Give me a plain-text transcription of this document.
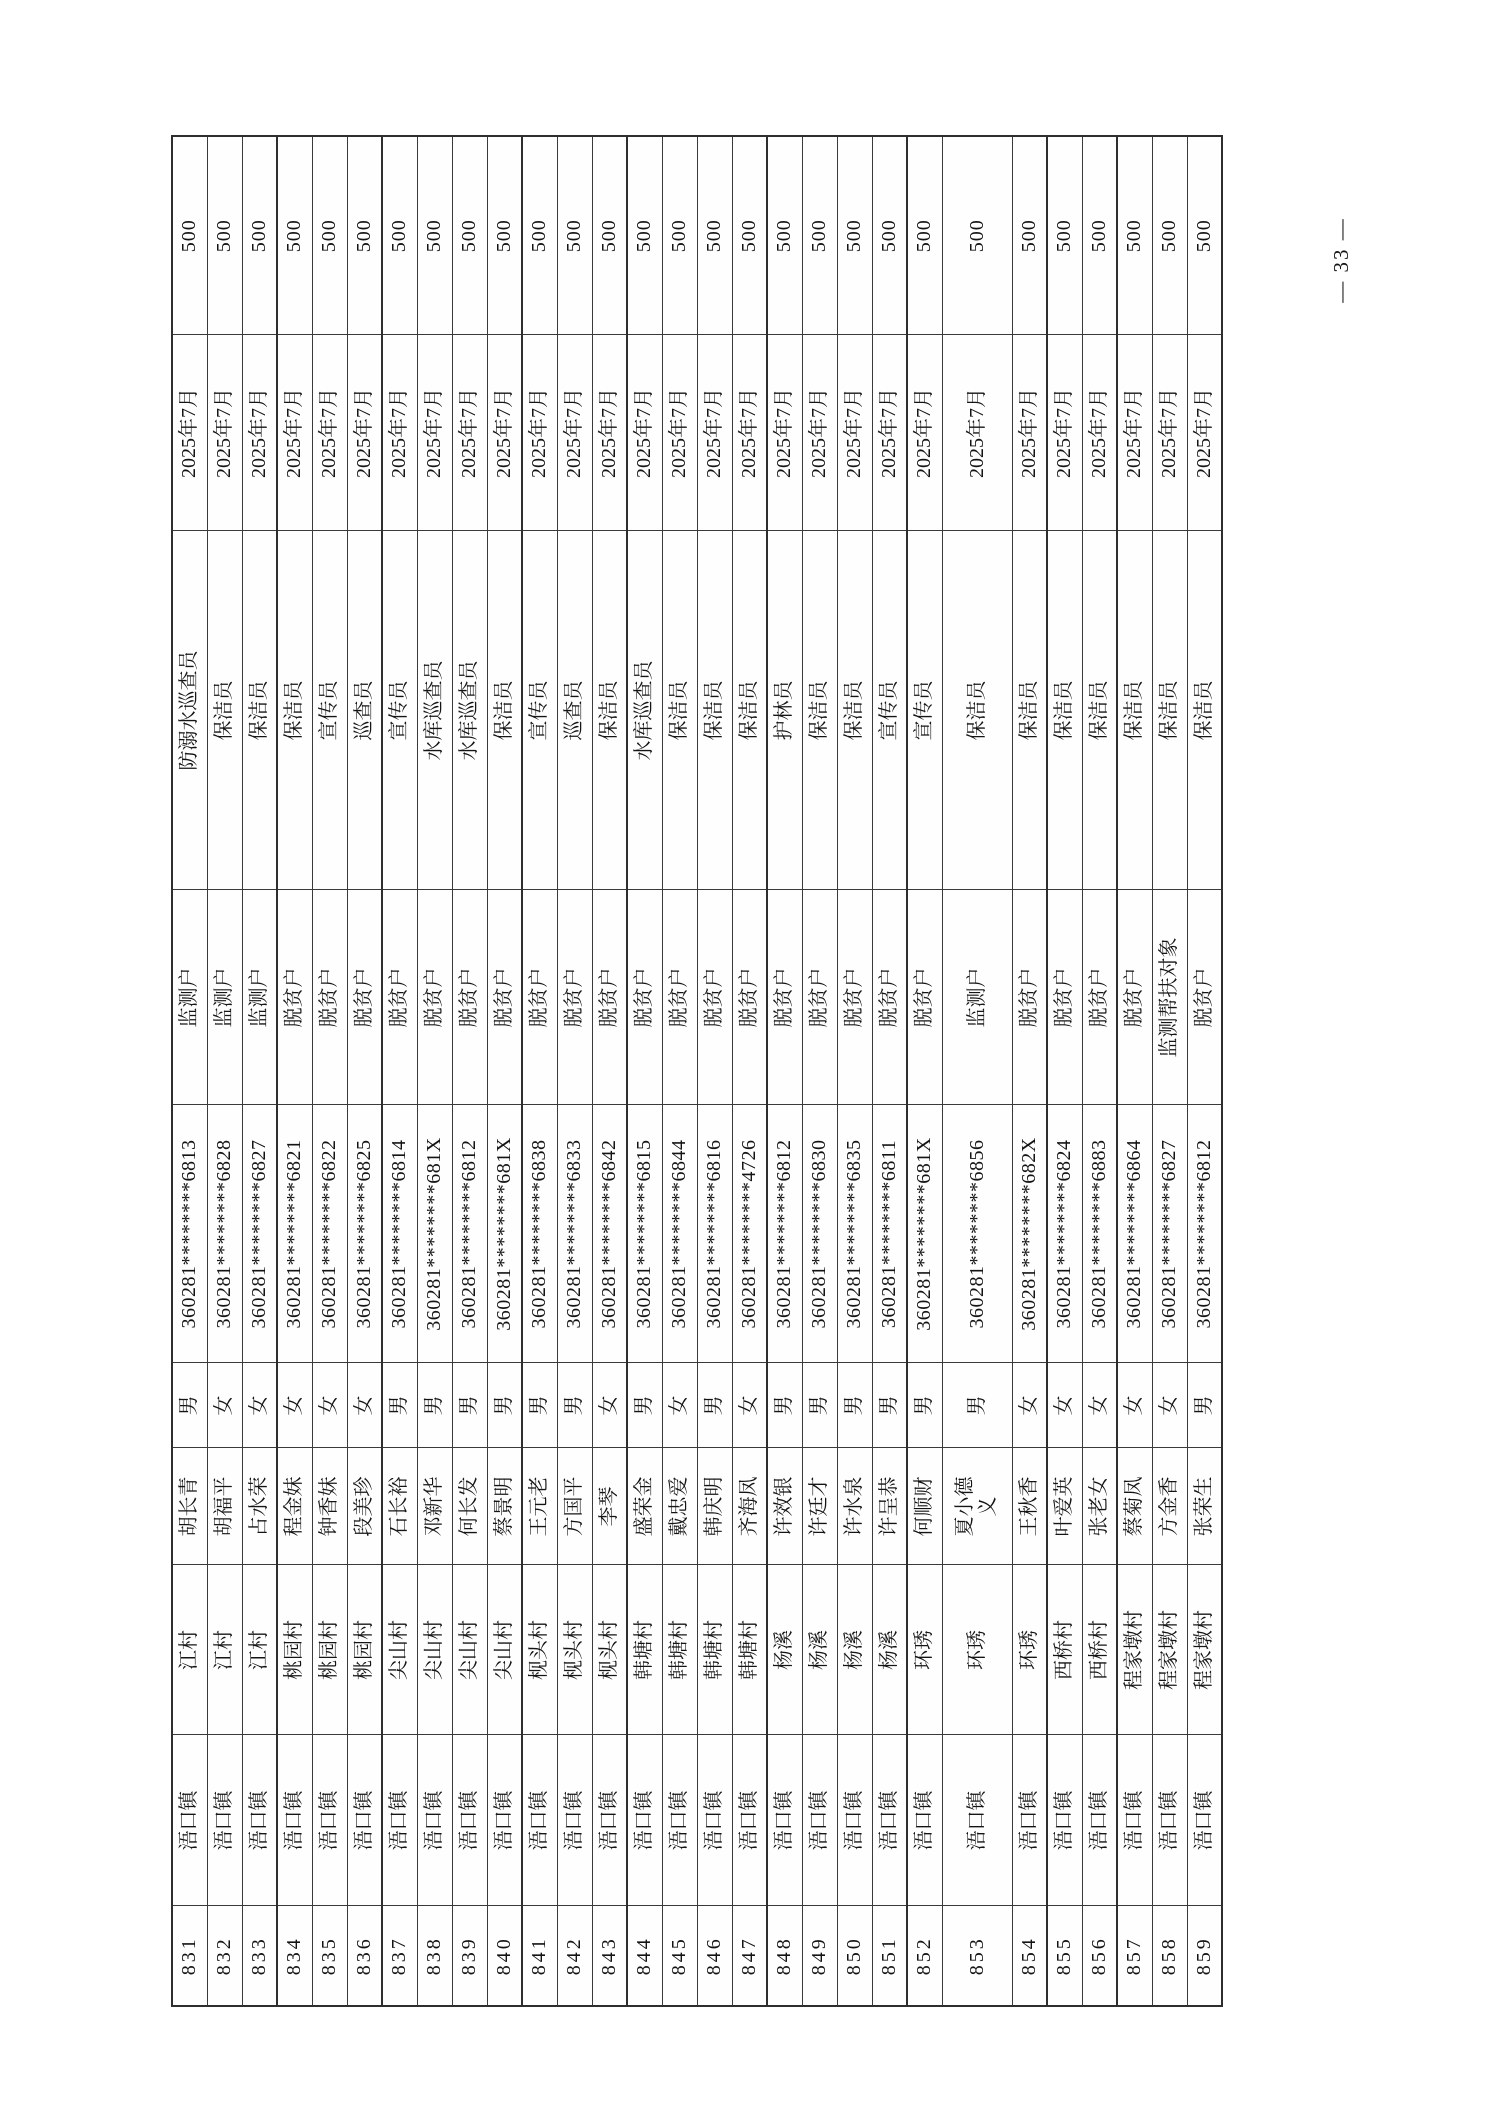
831	浯口镇	江村	胡长青	男	360281********6813	监测户	防溺水巡查员	2025年7月	500
832	浯口镇	江村	胡福平	女	360281********6828	监测户	保洁员	2025年7月	500
833	浯口镇	江村	占水荣	女	360281********6827	监测户	保洁员	2025年7月	500
834	浯口镇	桃园村	程金妹	女	360281********6821	脱贫户	保洁员	2025年7月	500
835	浯口镇	桃园村	钟香妹	女	360281********6822	脱贫户	宣传员	2025年7月	500
836	浯口镇	桃园村	段美珍	女	360281********6825	脱贫户	巡查员	2025年7月	500
837	浯口镇	尖山村	石长裕	男	360281********6814	脱贫户	宣传员	2025年7月	500
838	浯口镇	尖山村	邓新华	男	360281********681X	脱贫户	水库巡查员	2025年7月	500
839	浯口镇	尖山村	何长发	男	360281********6812	脱贫户	水库巡查员	2025年7月	500
840	浯口镇	尖山村	蔡景明	男	360281********681X	脱贫户	保洁员	2025年7月	500
841	浯口镇	枧头村	王元老	男	360281********6838	脱贫户	宣传员	2025年7月	500
842	浯口镇	枧头村	方国平	男	360281********6833	脱贫户	巡查员	2025年7月	500
843	浯口镇	枧头村	李琴	女	360281********6842	脱贫户	保洁员	2025年7月	500
844	浯口镇	韩塘村	盛荣金	男	360281********6815	脱贫户	水库巡查员	2025年7月	500
845	浯口镇	韩塘村	戴忠爱	女	360281********6844	脱贫户	保洁员	2025年7月	500
846	浯口镇	韩塘村	韩庆明	男	360281********6816	脱贫户	保洁员	2025年7月	500
847	浯口镇	韩塘村	齐海凤	女	360281********4726	脱贫户	保洁员	2025年7月	500
848	浯口镇	杨溪	许效银	男	360281********6812	脱贫户	护林员	2025年7月	500
849	浯口镇	杨溪	许廷才	男	360281********6830	脱贫户	保洁员	2025年7月	500
850	浯口镇	杨溪	许水泉	男	360281********6835	脱贫户	保洁员	2025年7月	500
851	浯口镇	杨溪	许呈恭	男	360281********6811	脱贫户	宣传员	2025年7月	500
852	浯口镇	环琇	何顺财	男	360281********681X	脱贫户	宣传员	2025年7月	500
853	浯口镇	环琇	夏小德义	男	360281********6856	监测户	保洁员	2025年7月	500
854	浯口镇	环琇	王秋香	女	360281********682X	脱贫户	保洁员	2025年7月	500
855	浯口镇	西桥村	叶爱英	女	360281********6824	脱贫户	保洁员	2025年7月	500
856	浯口镇	西桥村	张老女	女	360281********6883	脱贫户	保洁员	2025年7月	500
857	浯口镇	程家墩村	蔡菊凤	女	360281********6864	脱贫户	保洁员	2025年7月	500
858	浯口镇	程家墩村	方金香	女	360281********6827	监测帮扶对象	保洁员	2025年7月	500
859	浯口镇	程家墩村	张荣生	男	360281********6812	脱贫户	保洁员	2025年7月	500	— 33 —
